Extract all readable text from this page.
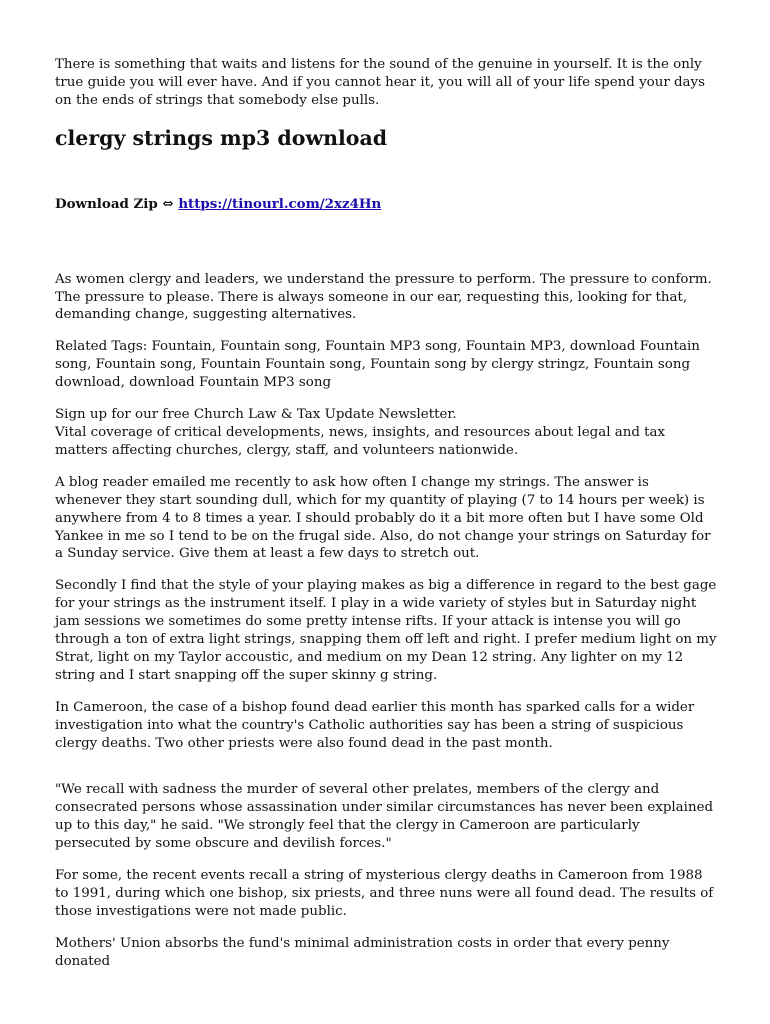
There is something that waits and listens for the sound of the genuine in yourself. It is the only true guide you will ever have. And if you cannot hear it, you will all of your life spend your days on the ends of strings that somebody else pulls.

clergy strings mp3 download
Download Zip ⇔ https://tinourl.com/2xz4Hn

As women clergy and leaders, we understand the pressure to perform. The pressure to conform. The pressure to please. There is always someone in our ear, requesting this, looking for that, demanding change, suggesting alternatives.

Related Tags: Fountain, Fountain song, Fountain MP3 song, Fountain MP3, download Fountain song, Fountain song, Fountain Fountain song, Fountain song by clergy stringz, Fountain song download, download Fountain MP3 song

Sign up for our free Church Law & Tax Update Newsletter.
Vital coverage of critical developments, news, insights, and resources about legal and tax matters affecting churches, clergy, staff, and volunteers nationwide.

A blog reader emailed me recently to ask how often I change my strings. The answer is whenever they start sounding dull, which for my quantity of playing (7 to 14 hours per week) is anywhere from 4 to 8 times a year. I should probably do it a bit more often but I have some Old Yankee in me so I tend to be on the frugal side. Also, do not change your strings on Saturday for a Sunday service. Give them at least a few days to stretch out.

Secondly I find that the style of your playing makes as big a difference in regard to the best gage for your strings as the instrument itself. I play in a wide variety of styles but in Saturday night jam sessions we sometimes do some pretty intense rifts. If your attack is intense you will go through a ton of extra light strings, snapping them off left and right. I prefer medium light on my Strat, light on my Taylor accoustic, and medium on my Dean 12 string. Any lighter on my 12 string and I start snapping off the super skinny g string.

In Cameroon, the case of a bishop found dead earlier this month has sparked calls for a wider investigation into what the country's Catholic authorities say has been a string of suspicious clergy deaths. Two other priests were also found dead in the past month.

"We recall with sadness the murder of several other prelates, members of the clergy and consecrated persons whose assassination under similar circumstances has never been explained up to this day," he said. "We strongly feel that the clergy in Cameroon are particularly persecuted by some obscure and devilish forces."

For some, the recent events recall a string of mysterious clergy deaths in Cameroon from 1988 to 1991, during which one bishop, six priests, and three nuns were all found dead. The results of those investigations were not made public.

Mothers' Union absorbs the fund's minimal administration costs in order that every penny donated
